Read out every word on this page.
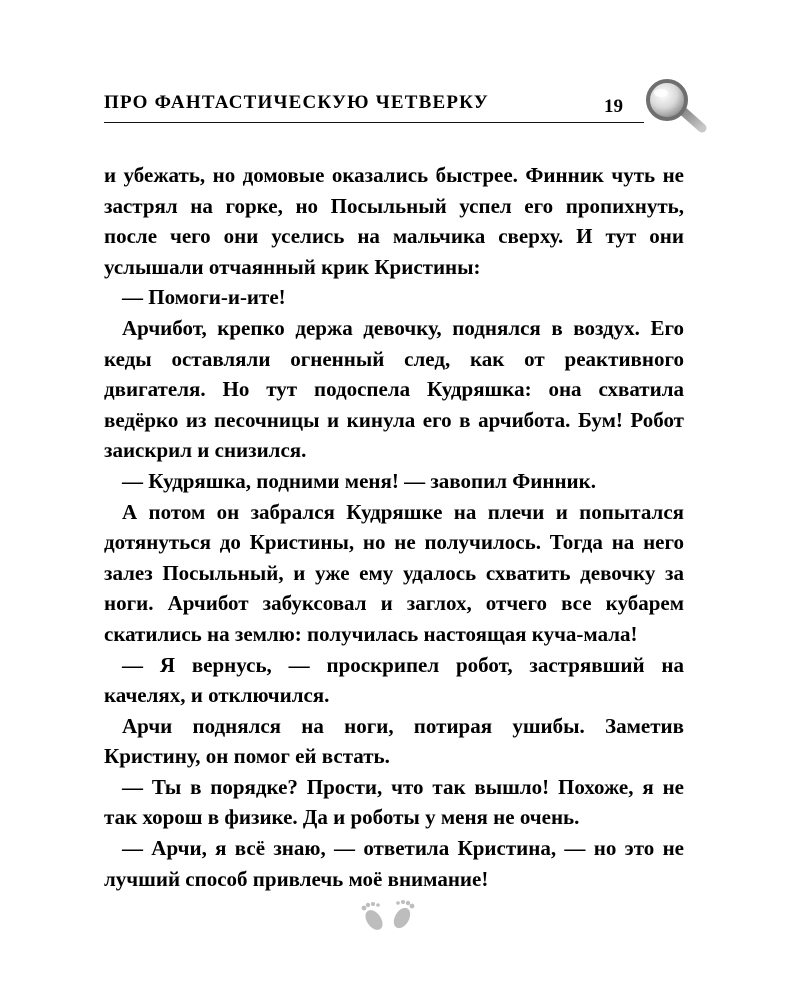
ПРО ФАНТАСТИЧЕСКУЮ ЧЕТВЕРКУ	19

и убежать, но домовые оказались быстрее. Финник чуть не застрял на горке, но Посыльный успел его пропихнуть, после чего они уселись на мальчика сверху. И тут они услышали отчаянный крик Кристины:

— Помоги-и-ите!

Арчибот, крепко держа девочку, поднялся в воздух. Его кеды оставляли огненный след, как от реактивного двигателя. Но тут подоспела Кудряшка: она схватила ведёрко из песочницы и кинула его в арчибота. Бум! Робот заискрил и снизился.

— Кудряшка, подними меня! — завопил Финник.

А потом он забрался Кудряшке на плечи и попытался дотянуться до Кристины, но не получилось. Тогда на него залез Посыльный, и уже ему удалось схватить девочку за ноги. Арчибот забуксовал и заглох, отчего все кубарем скатились на землю: получилась настоящая куча-мала!

— Я вернусь, — проскрипел робот, застрявший на качелях, и отключился.

Арчи поднялся на ноги, потирая ушибы. Заметив Кристину, он помог ей встать.

— Ты в порядке? Прости, что так вышло! Похоже, я не так хорош в физике. Да и роботы у меня не очень.

— Арчи, я всё знаю, — ответила Кристина, — но это не лучший способ привлечь моё внимание!
